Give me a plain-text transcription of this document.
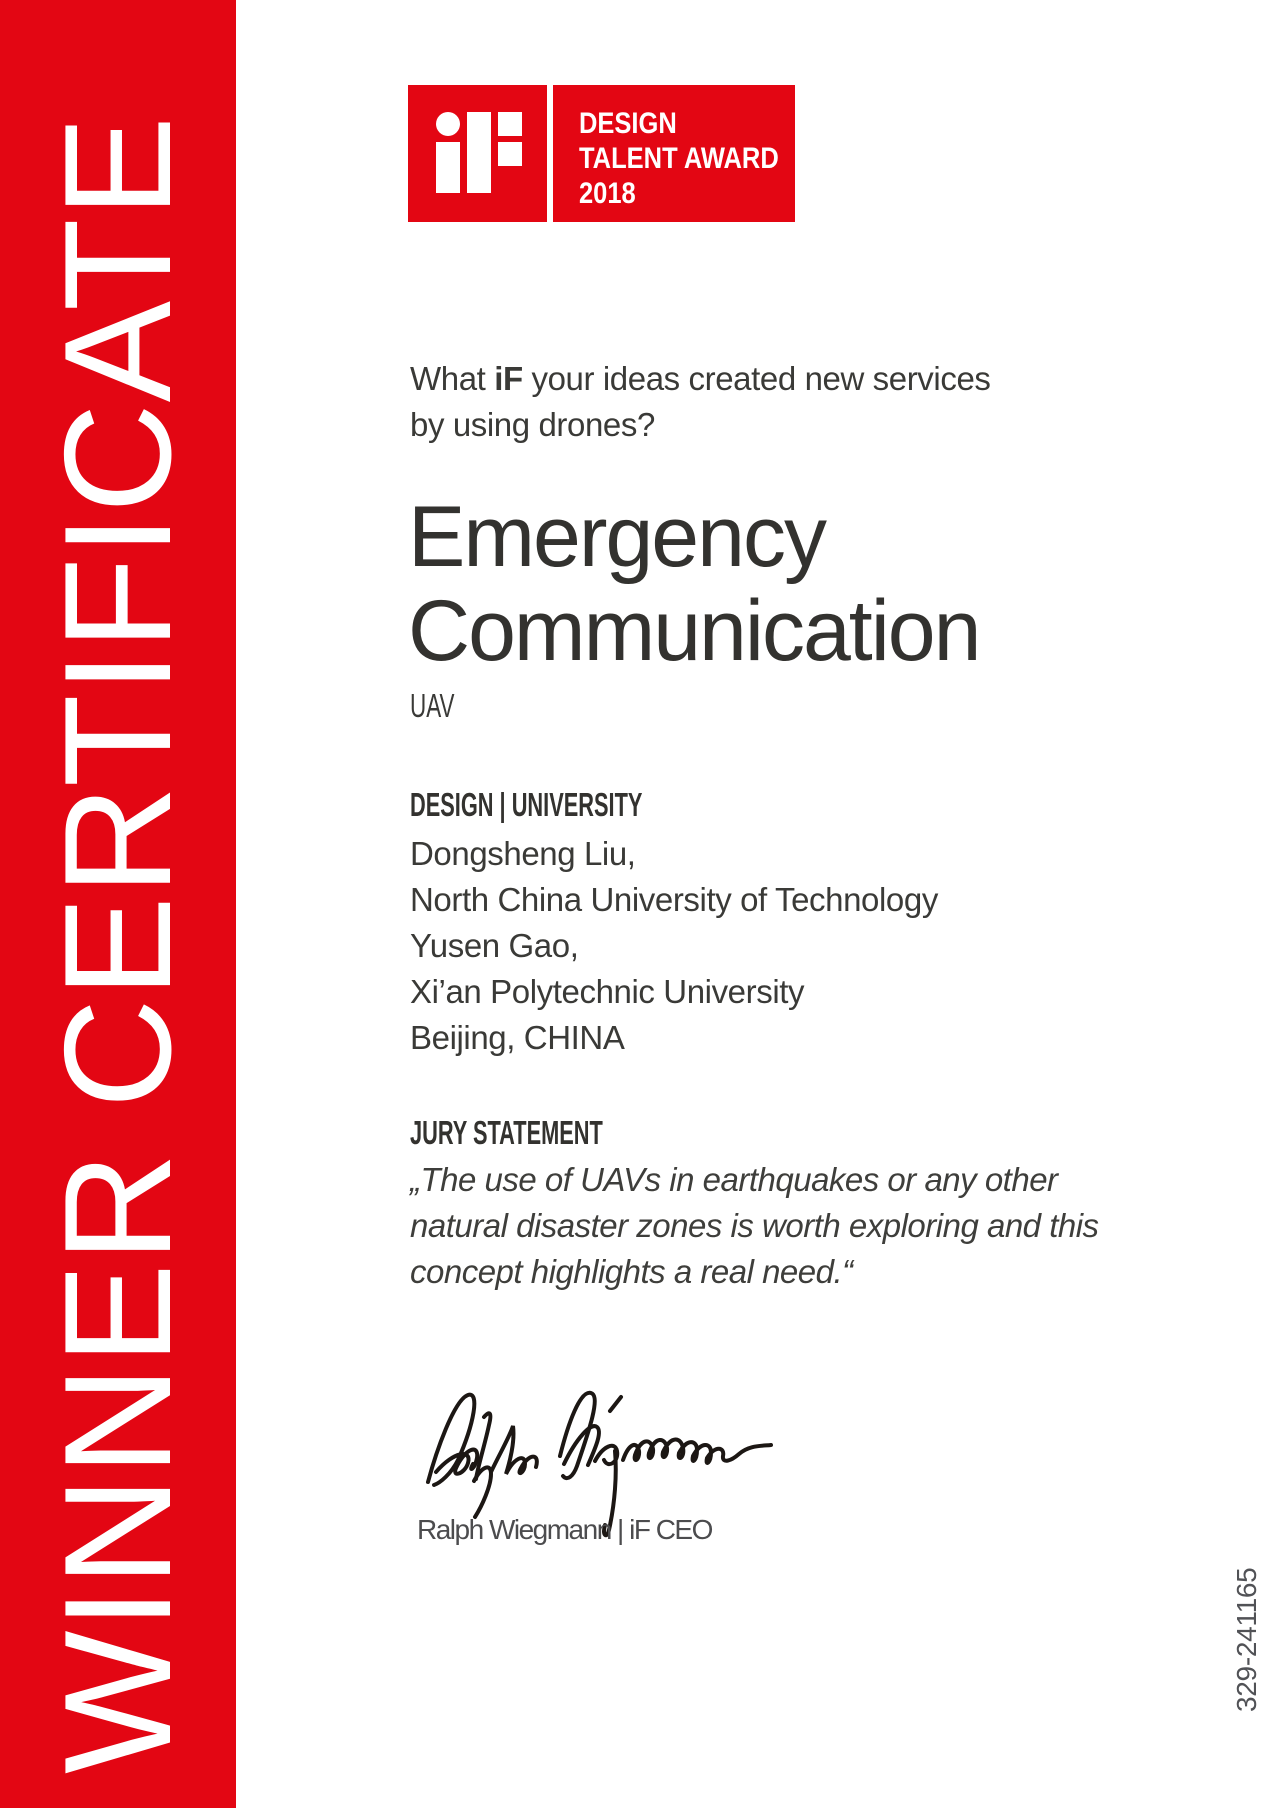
WINNER CERTIFICATE	DESIGN
TALENT AWARD
2018
What iF your ideas created new services
by using drones?
Emergency
Communication
UAV
DESIGN | UNIVERSITY
Dongsheng Liu,
North China University of Technology
Yusen Gao,
Xi’an Polytechnic University
Beijing, CHINA
JURY STATEMENT
„The use of UAVs in earthquakes or any other
natural disaster zones is worth exploring and this
concept highlights a real need.“
Ralph Wiegmann | iF CEO
329-241165
